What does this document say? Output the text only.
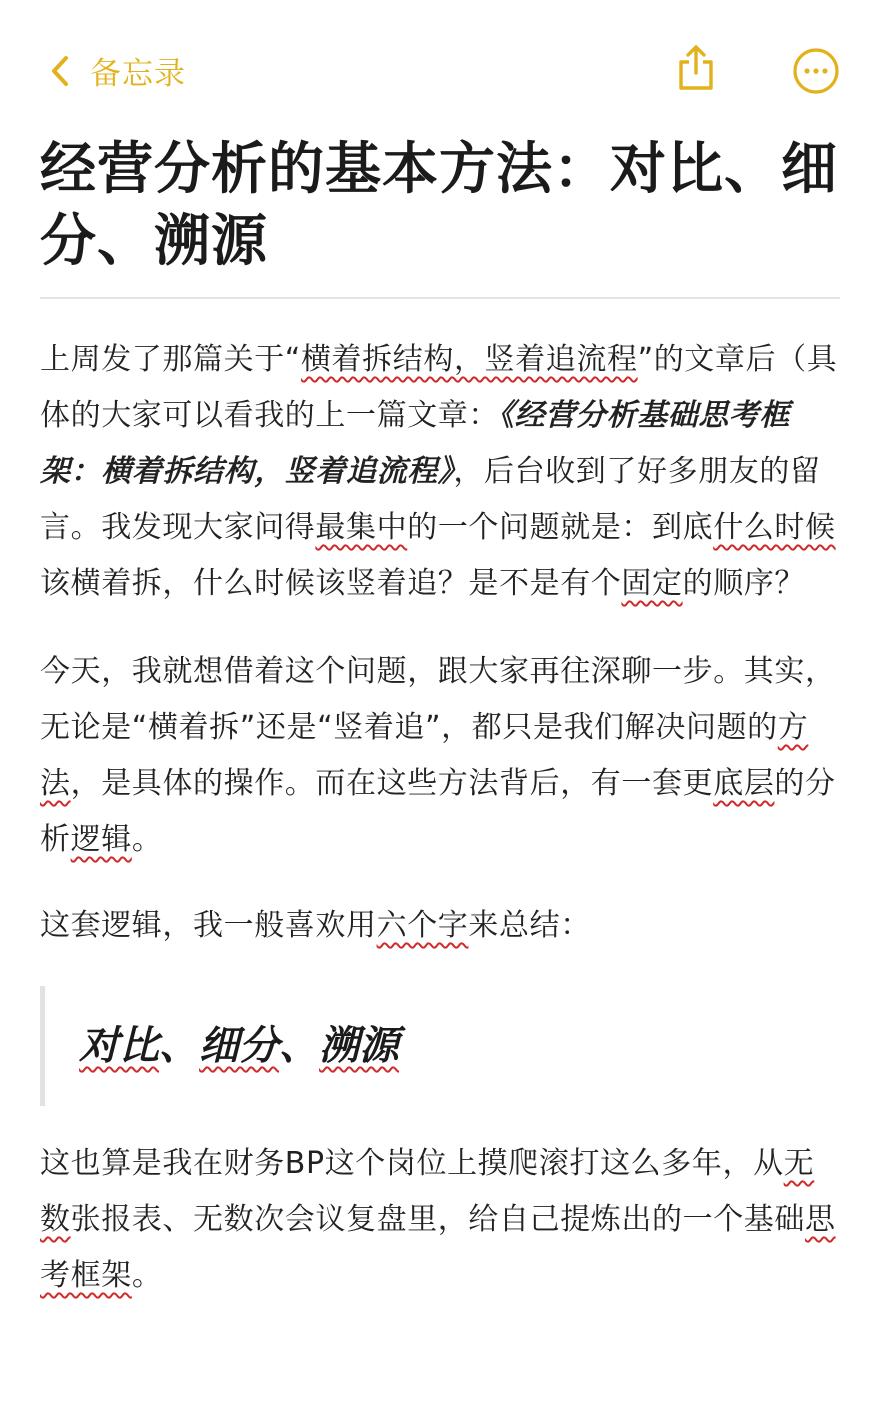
备忘录
经营分析的基本方法：对比、细分、溯源

上周发了那篇关于“横着拆结构，竖着追流程”的文章后（具体的大家可以看我的上一篇文章：《经营分析基础思考框架：横着拆结构，竖着追流程》，后台收到了好多朋友的留言。我发现大家问得最集中的一个问题就是：到底什么时候该横着拆，什么时候该竖着追？是不是有个固定的顺序？

今天，我就想借着这个问题，跟大家再往深聊一步。其实，无论是“横着拆”还是“竖着追”，都只是我们解决问题的方法，是具体的操作。而在这些方法背后，有一套更底层的分析逻辑。

这套逻辑，我一般喜欢用六个字来总结：

对比、细分、溯源

这也算是我在财务BP这个岗位上摸爬滚打这么多年，从无数张报表、无数次会议复盘里，给自己提炼出的一个基础思考框架。
